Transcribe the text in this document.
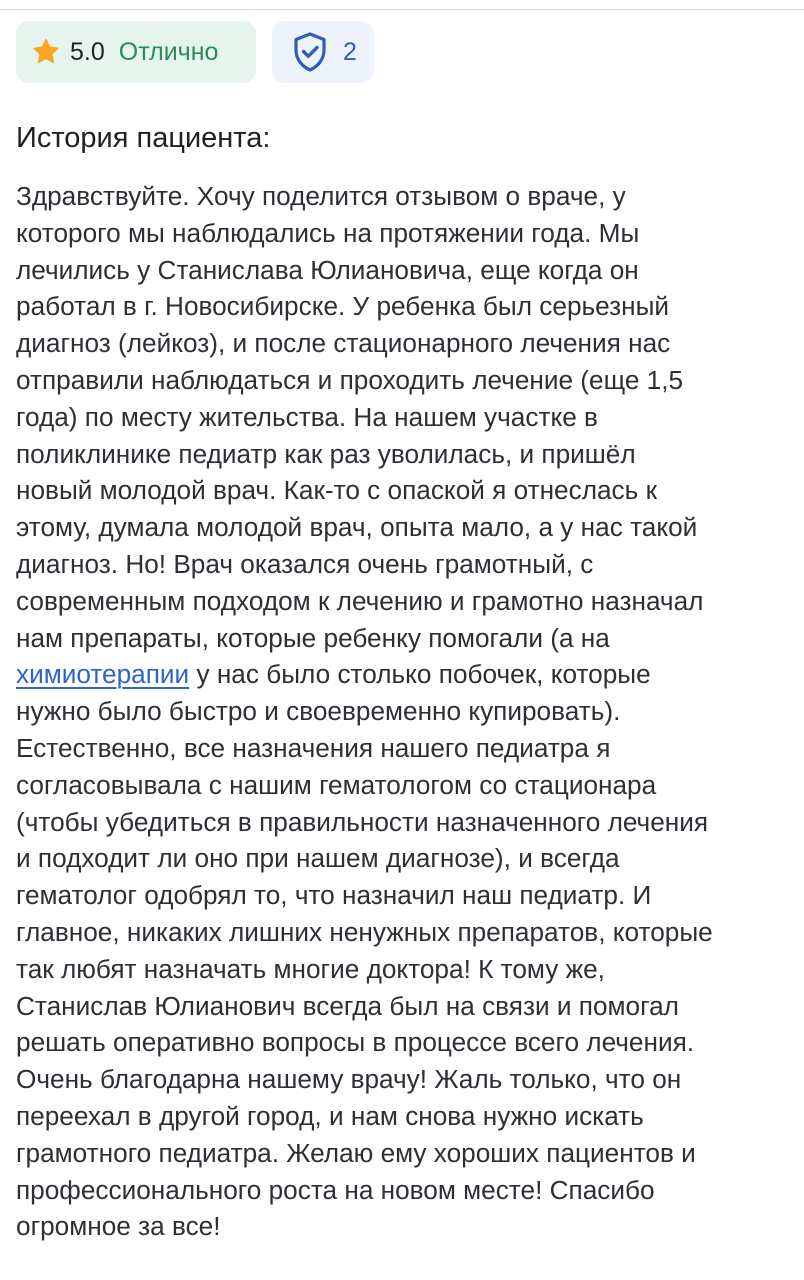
5.0 Отлично	2
История пациента:
Здравствуйте. Хочу поделится отзывом о враче, у
которого мы наблюдались на протяжении года. Мы
лечились у Станислава Юлиановича, еще когда он
работал в г. Новосибирске. У ребенка был серьезный
диагноз (лейкоз), и после стационарного лечения нас
отправили наблюдаться и проходить лечение (еще 1,5
года) по месту жительства. На нашем участке в
поликлинике педиатр как раз уволилась, и пришёл
новый молодой врач. Как-то с опаской я отнеслась к
этому, думала молодой врач, опыта мало, а у нас такой
диагноз. Но! Врач оказался очень грамотный, с
современным подходом к лечению и грамотно назначал
нам препараты, которые ребенку помогали (а на
химиотерапии у нас было столько побочек, которые
нужно было быстро и своевременно купировать).
Естественно, все назначения нашего педиатра я
согласовывала с нашим гематологом со стационара
(чтобы убедиться в правильности назначенного лечения
и подходит ли оно при нашем диагнозе), и всегда
гематолог одобрял то, что назначил наш педиатр. И
главное, никаких лишних ненужных препаратов, которые
так любят назначать многие доктора! К тому же,
Станислав Юлианович всегда был на связи и помогал
решать оперативно вопросы в процессе всего лечения.
Очень благодарна нашему врачу! Жаль только, что он
переехал в другой город, и нам снова нужно искать
грамотного педиатра. Желаю ему хороших пациентов и
профессионального роста на новом месте! Спасибо
огромное за все!
